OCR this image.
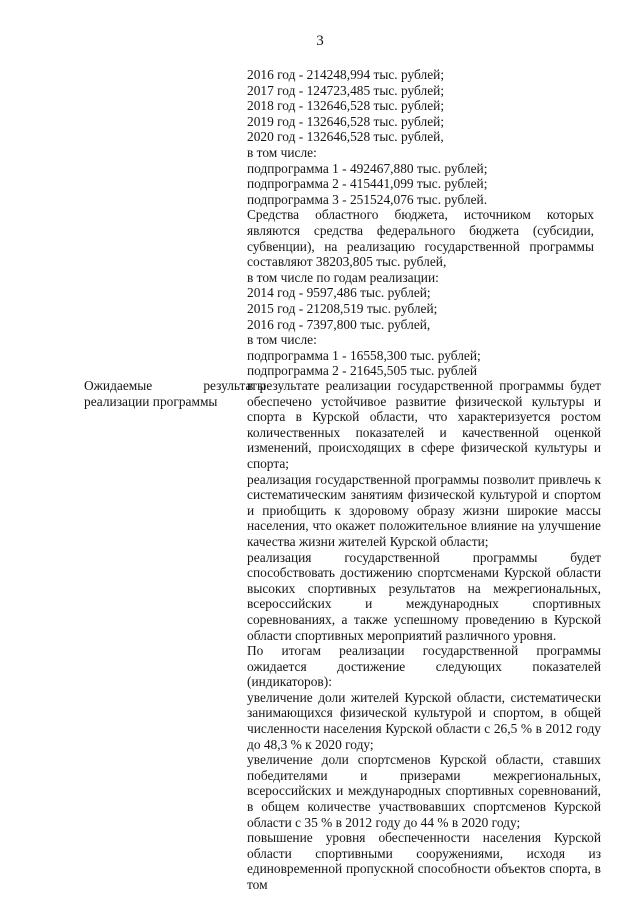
3
2016 год - 214248,994 тыс. рублей;
2017 год - 124723,485 тыс. рублей;
2018 год - 132646,528 тыс. рублей;
2019 год - 132646,528 тыс. рублей;
2020 год - 132646,528 тыс. рублей,
в том числе:
подпрограмма 1 - 492467,880 тыс. рублей;
подпрограмма 2 - 415441,099 тыс. рублей;
подпрограмма 3 - 251524,076 тыс. рублей.

Средства областного бюджета, источником которых являются средства федерального бюджета (субсидии, субвенции), на реализацию государственной программы составляют 38203,805 тыс. рублей,

в том числе по годам реализации:
2014 год - 9597,486 тыс. рублей;
2015 год - 21208,519 тыс. рублей;
2016 год - 7397,800 тыс. рублей,
в том числе:
подпрограмма 1 - 16558,300 тыс. рублей;
подпрограмма 2 - 21645,505 тыс. рублей
Ожидаемые результаты реализации программы

в результате реализации государственной программы будет обеспечено устойчивое развитие физической культуры и спорта в Курской области, что характеризуется ростом количественных показателей и качественной оценкой изменений, происходящих в сфере физической культуры и спорта;

реализация государственной программы позволит привлечь к систематическим занятиям физической культурой и спортом и приобщить к здоровому образу жизни широкие массы населения, что окажет положительное влияние на улучшение качества жизни жителей Курской области;

реализация государственной программы будет способствовать достижению спортсменами Курской области высоких спортивных результатов на межрегиональных, всероссийских и международных спортивных соревнованиях, а также успешному проведению в Курской области спортивных мероприятий различного уровня.

По итогам реализации государственной программы ожидается достижение следующих показателей (индикаторов):

увеличение доли жителей Курской области, систематически занимающихся физической культурой и спортом, в общей численности населения Курской области с 26,5 % в 2012 году до 48,3 % к 2020 году;

увеличение доли спортсменов Курской области, ставших победителями и призерами межрегиональных, всероссийских и международных спортивных соревнований, в общем количестве участвовавших спортсменов Курской области с 35 % в 2012 году до 44 % в 2020 году;

повышение уровня обеспеченности населения Курской области спортивными сооружениями, исходя из единовременной пропускной способности объектов спорта, в том
